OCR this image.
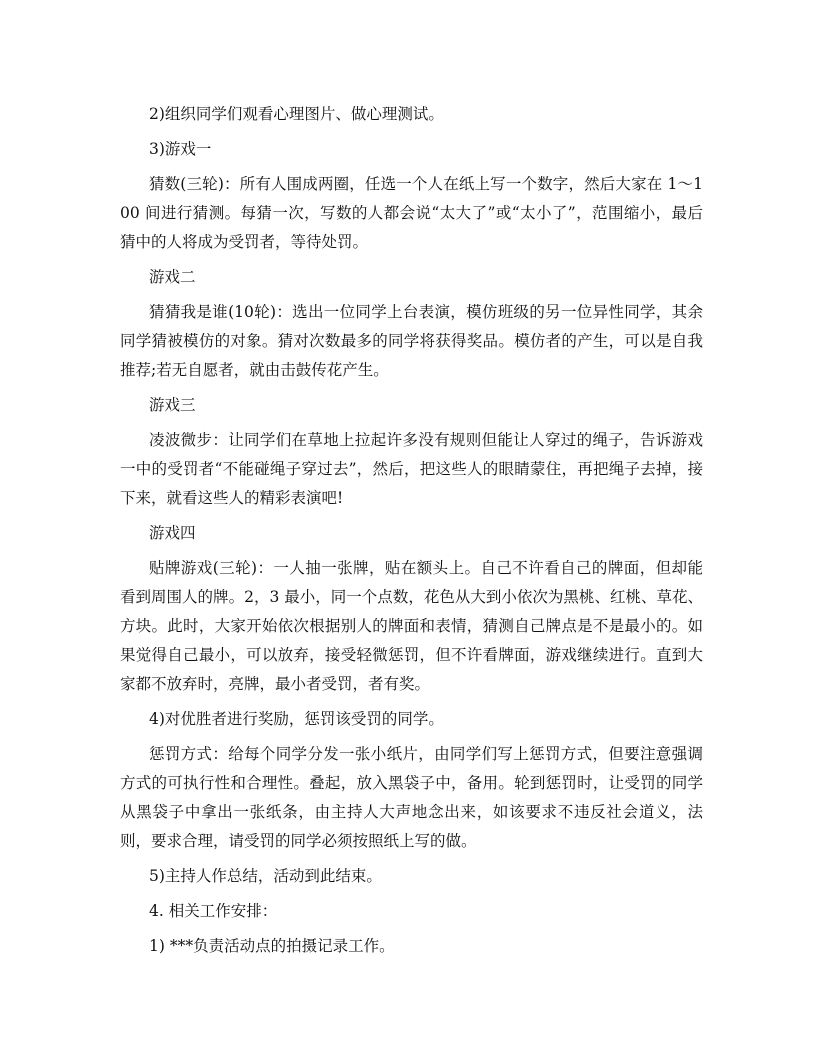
2)组织同学们观看心理图片、做心理测试。

3)游戏一

猜数(三轮)：所有人围成两圈，任选一个人在纸上写一个数字，然后大家在 1～100 间进行猜测。每猜一次，写数的人都会说“太大了”或“太小了”，范围缩小，最后猜中的人将成为受罚者，等待处罚。

游戏二

猜猜我是谁(10轮)：选出一位同学上台表演，模仿班级的另一位异性同学，其余同学猜被模仿的对象。猜对次数最多的同学将获得奖品。模仿者的产生，可以是自我推荐;若无自愿者，就由击鼓传花产生。

游戏三

凌波微步：让同学们在草地上拉起许多没有规则但能让人穿过的绳子，告诉游戏一中的受罚者“不能碰绳子穿过去”，然后，把这些人的眼睛蒙住，再把绳子去掉，接下来，就看这些人的精彩表演吧!

游戏四

贴牌游戏(三轮)：一人抽一张牌，贴在额头上。自己不许看自己的牌面，但却能看到周围人的牌。2，3 最小，同一个点数，花色从大到小依次为黑桃、红桃、草花、方块。此时，大家开始依次根据别人的牌面和表情，猜测自己牌点是不是最小的。如果觉得自己最小，可以放弃，接受轻微惩罚，但不许看牌面，游戏继续进行。直到大家都不放弃时，亮牌，最小者受罚，者有奖。

4)对优胜者进行奖励，惩罚该受罚的同学。

惩罚方式：给每个同学分发一张小纸片，由同学们写上惩罚方式，但要注意强调方式的可执行性和合理性。叠起，放入黑袋子中，备用。轮到惩罚时，让受罚的同学从黑袋子中拿出一张纸条，由主持人大声地念出来，如该要求不违反社会道义，法则，要求合理，请受罚的同学必须按照纸上写的做。

5)主持人作总结，活动到此结束。

4. 相关工作安排：

1) ***负责活动点的拍摄记录工作。
